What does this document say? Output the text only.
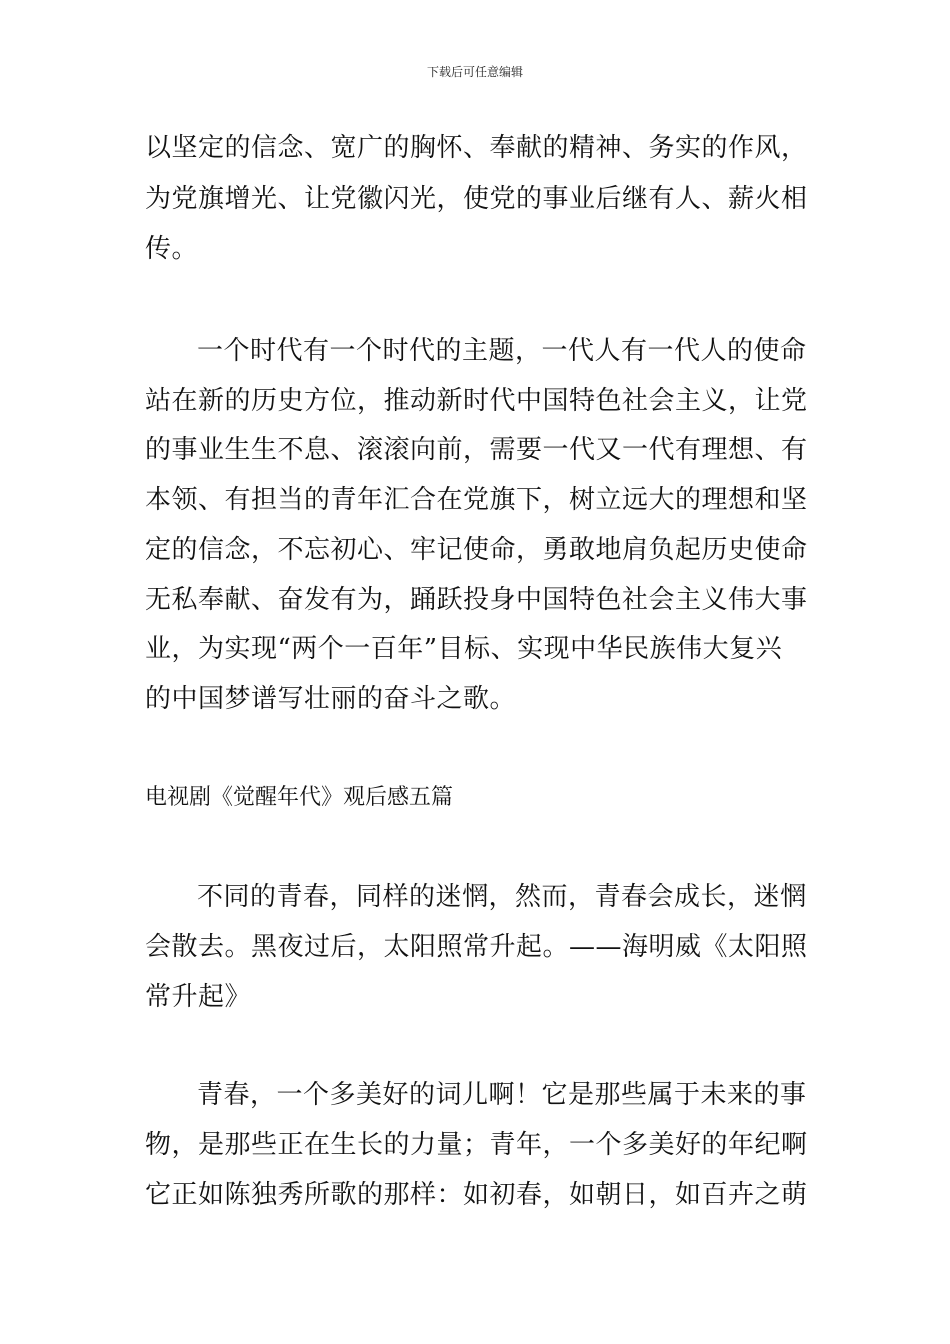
下载后可任意编辑
以坚定的信念、宽广的胸怀、奉献的精神、务实的作风，
为党旗增光、让党徽闪光，使党的事业后继有人、薪火相
传。
一个时代有一个时代的主题，一代人有一代人的使命
站在新的历史方位，推动新时代中国特色社会主义，让党
的事业生生不息、滚滚向前，需要一代又一代有理想、有
本领、有担当的青年汇合在党旗下，树立远大的理想和坚
定的信念，不忘初心、牢记使命，勇敢地肩负起历史使命
无私奉献、奋发有为，踊跃投身中国特色社会主义伟大事
业，为实现“两个一百年”目标、实现中华民族伟大复兴
的中国梦谱写壮丽的奋斗之歌。
电视剧《觉醒年代》观后感五篇
不同的青春，同样的迷惘，然而，青春会成长，迷惘
会散去。黑夜过后，太阳照常升起。——海明威《太阳照
常升起》
青春，一个多美好的词儿啊！它是那些属于未来的事
物，是那些正在生长的力量；青年，一个多美好的年纪啊
它正如陈独秀所歌的那样：如初春，如朝日，如百卉之萌
